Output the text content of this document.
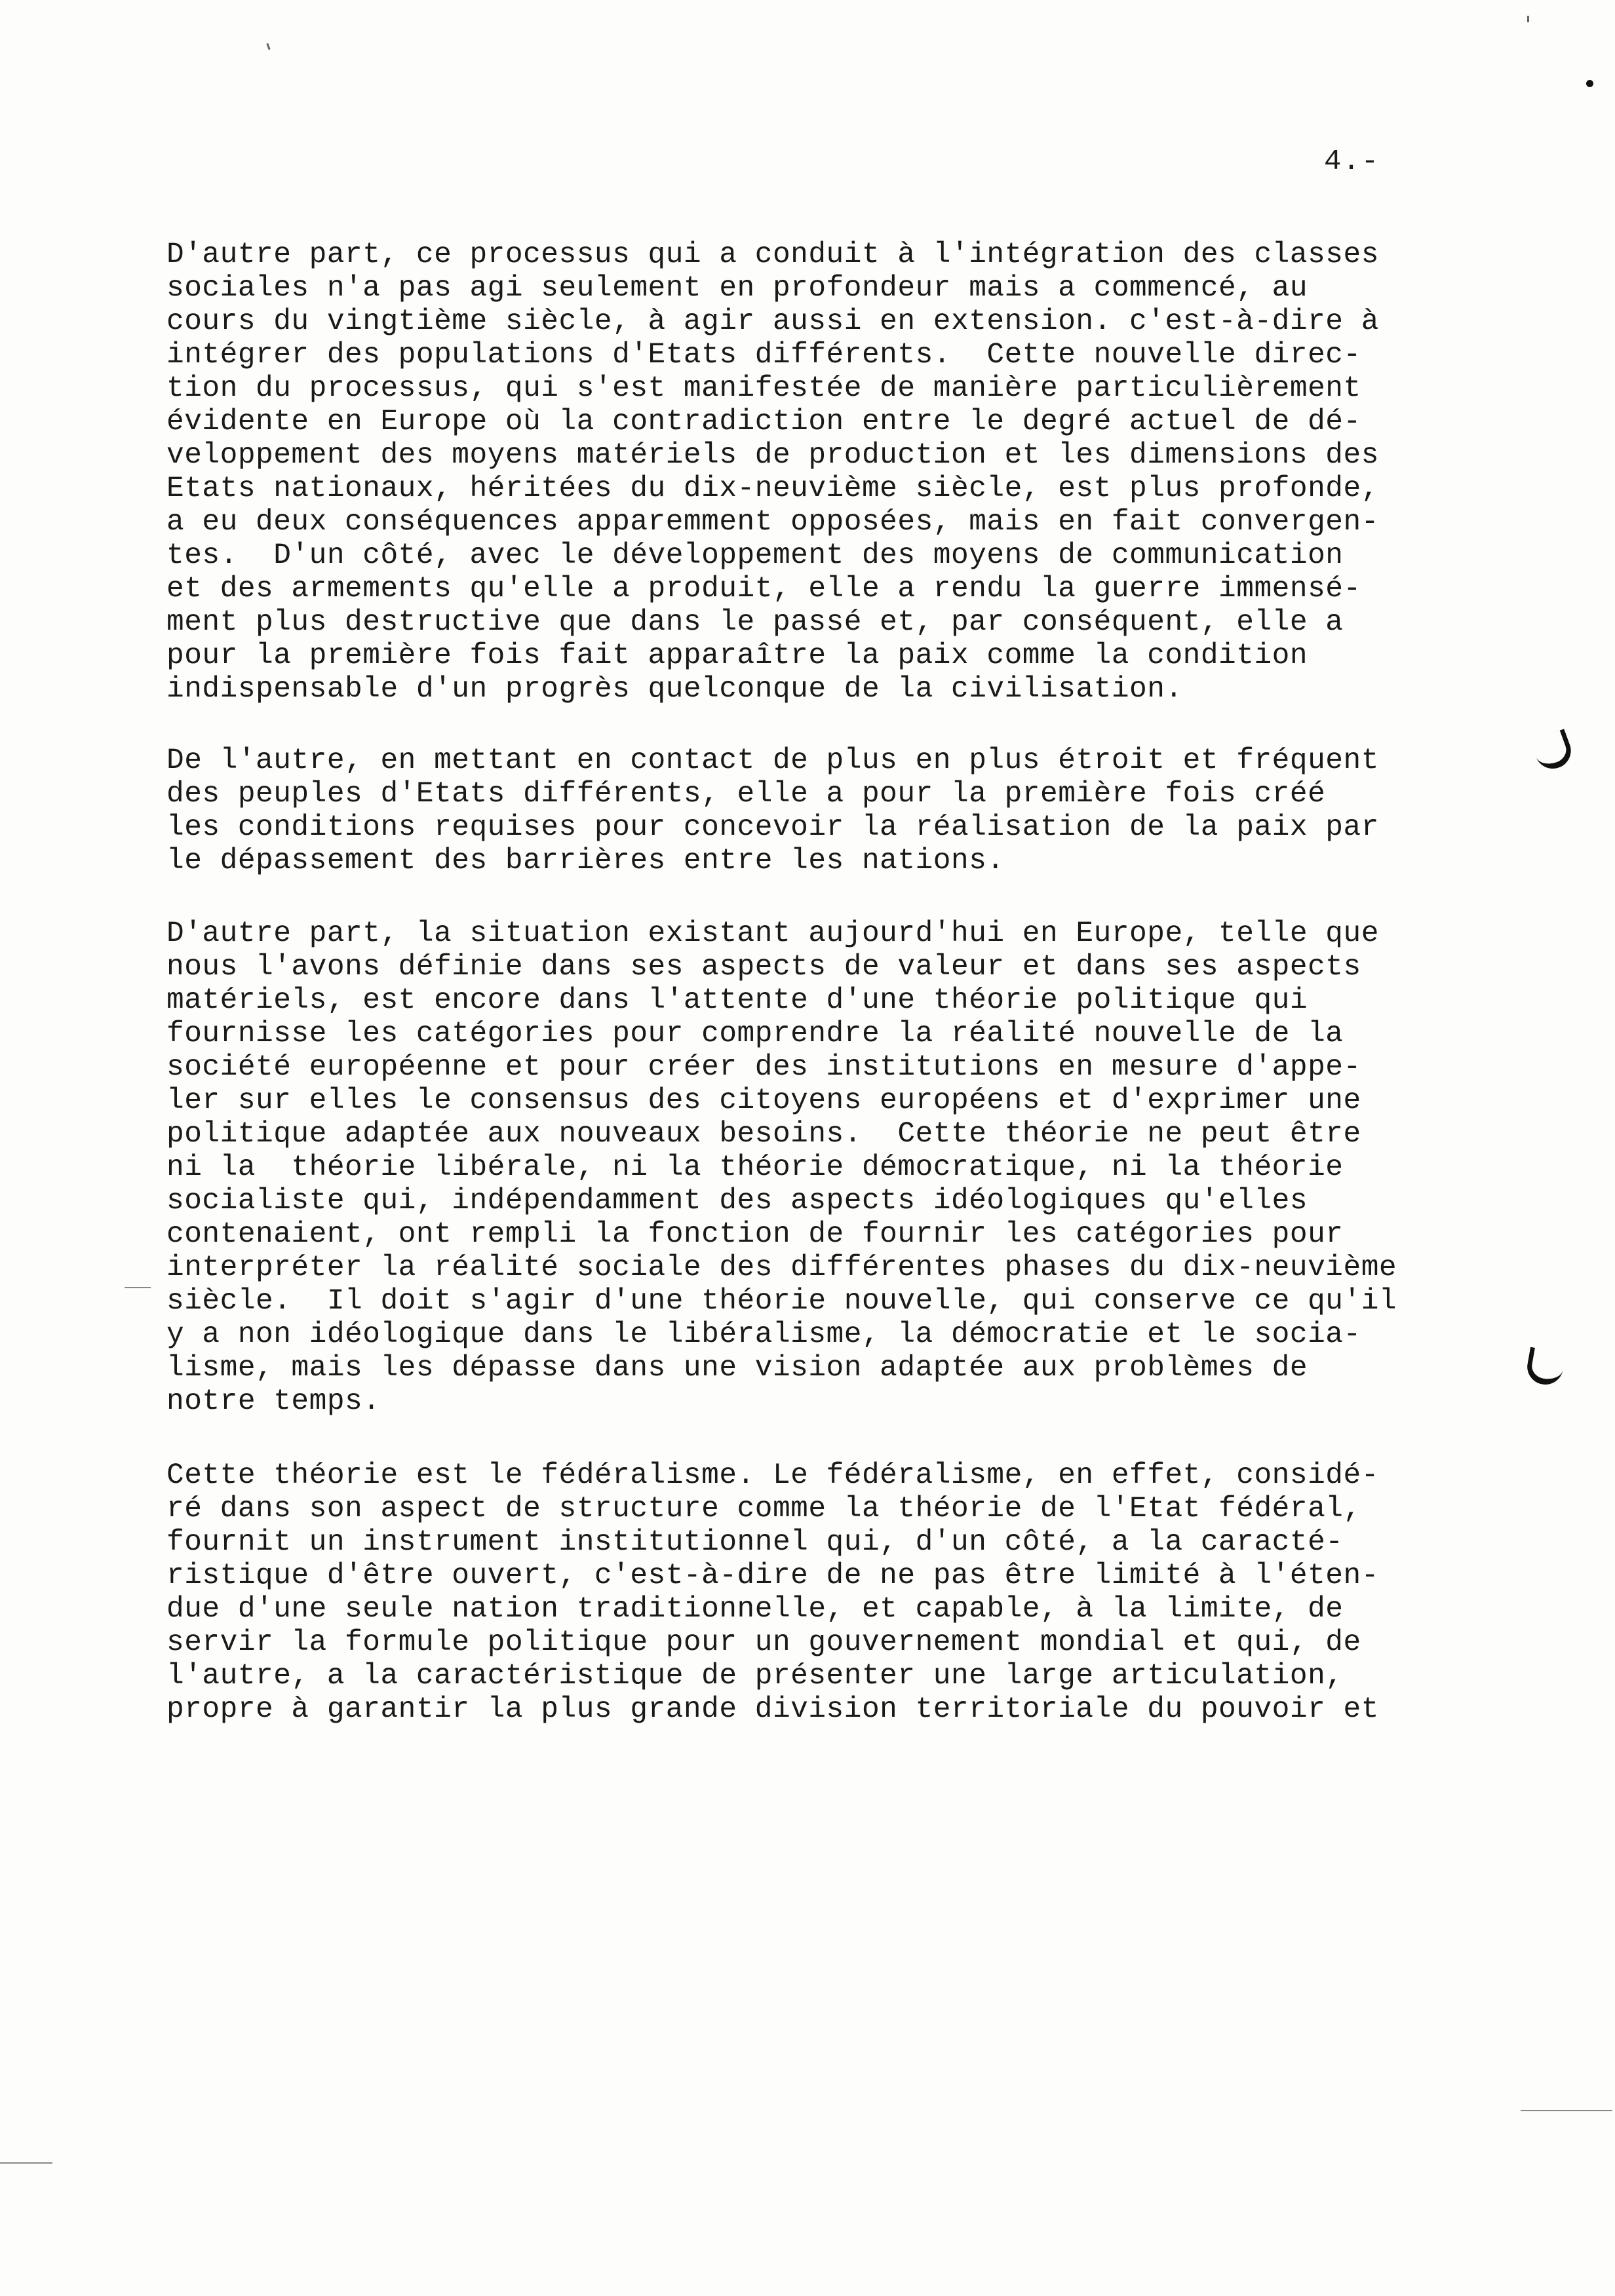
4.-
D'autre part, ce processus qui a conduit à l'intégration des classes
sociales n'a pas agi seulement en profondeur mais a commencé, au
cours du vingtième siècle, à agir aussi en extension. c'est-à-dire à
intégrer des populations d'Etats différents.  Cette nouvelle direc-
tion du processus, qui s'est manifestée de manière particulièrement
évidente en Europe où la contradiction entre le degré actuel de dé-
veloppement des moyens matériels de production et les dimensions des
Etats nationaux, héritées du dix-neuvième siècle, est plus profonde,
a eu deux conséquences apparemment opposées, mais en fait convergen-
tes.  D'un côté, avec le développement des moyens de communication
et des armements qu'elle a produit, elle a rendu la guerre immensé-
ment plus destructive que dans le passé et, par conséquent, elle a
pour la première fois fait apparaître la paix comme la condition
indispensable d'un progrès quelconque de la civilisation.
De l'autre, en mettant en contact de plus en plus étroit et fréquent
des peuples d'Etats différents, elle a pour la première fois créé
les conditions requises pour concevoir la réalisation de la paix par
le dépassement des barrières entre les nations.
D'autre part, la situation existant aujourd'hui en Europe, telle que
nous l'avons définie dans ses aspects de valeur et dans ses aspects
matériels, est encore dans l'attente d'une théorie politique qui
fournisse les catégories pour comprendre la réalité nouvelle de la
société européenne et pour créer des institutions en mesure d'appe-
ler sur elles le consensus des citoyens européens et d'exprimer une
politique adaptée aux nouveaux besoins.  Cette théorie ne peut être
ni la  théorie libérale, ni la théorie démocratique, ni la théorie
socialiste qui, indépendamment des aspects idéologiques qu'elles
contenaient, ont rempli la fonction de fournir les catégories pour
interpréter la réalité sociale des différentes phases du dix-neuvième
siècle.  Il doit s'agir d'une théorie nouvelle, qui conserve ce qu'il
y a non idéologique dans le libéralisme, la démocratie et le socia-
lisme, mais les dépasse dans une vision adaptée aux problèmes de
notre temps.
Cette théorie est le fédéralisme. Le fédéralisme, en effet, considé-
ré dans son aspect de structure comme la théorie de l'Etat fédéral,
fournit un instrument institutionnel qui, d'un côté, a la caracté-
ristique d'être ouvert, c'est-à-dire de ne pas être limité à l'éten-
due d'une seule nation traditionnelle, et capable, à la limite, de
servir la formule politique pour un gouvernement mondial et qui, de
l'autre, a la caractéristique de présenter une large articulation,
propre à garantir la plus grande division territoriale du pouvoir et
